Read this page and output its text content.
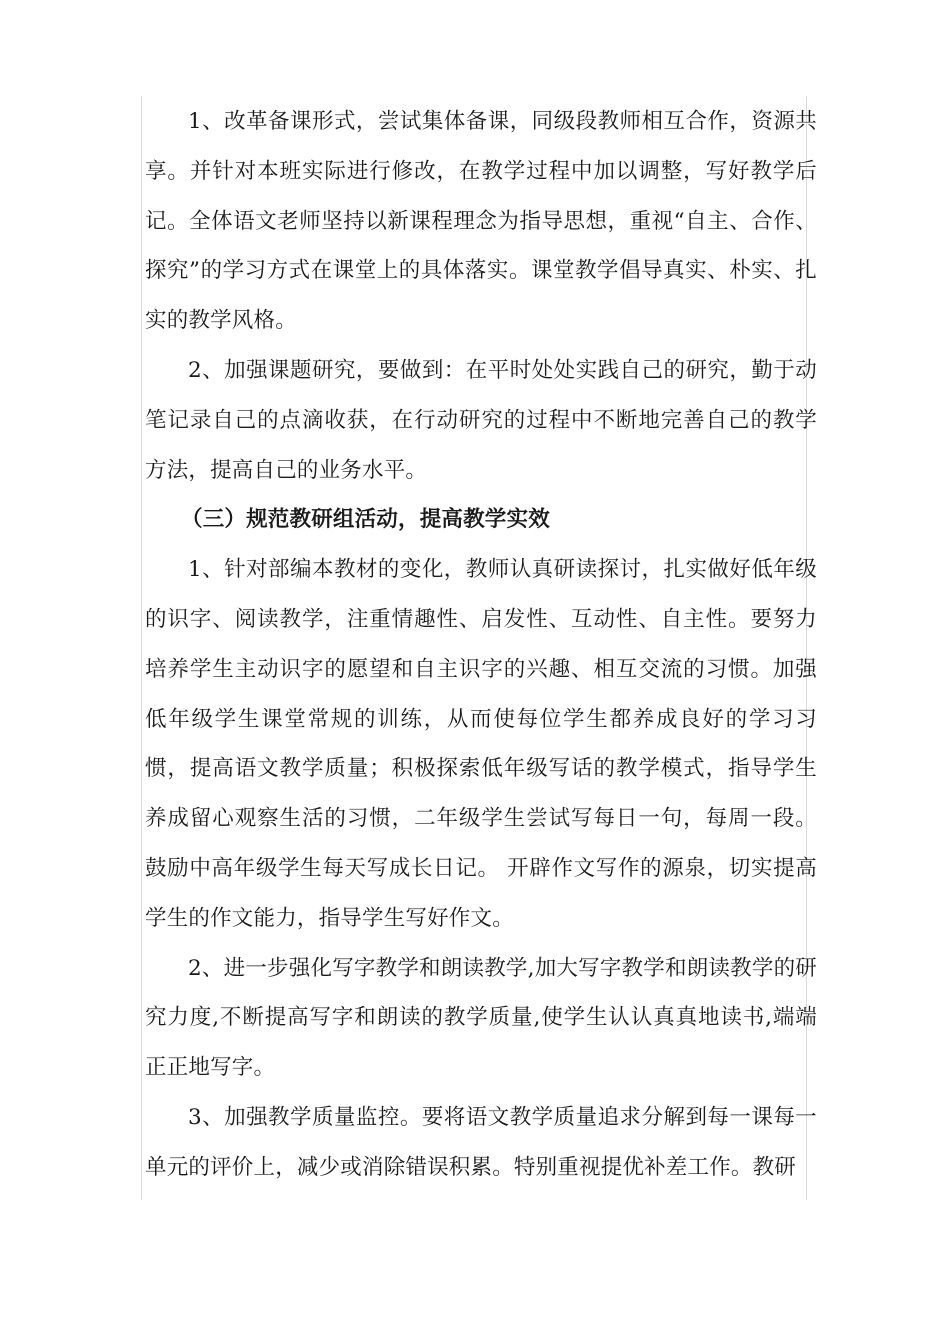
1、改革备课形式，尝试集体备课，同级段教师相互合作，资源共享。并针对本班实际进行修改，在教学过程中加以调整，写好教学后记。全体语文老师坚持以新课程理念为指导思想，重视“自主、合作、探究”的学习方式在课堂上的具体落实。课堂教学倡导真实、朴实、扎实的教学风格。

2、加强课题研究，要做到：在平时处处实践自己的研究，勤于动笔记录自己的点滴收获，在行动研究的过程中不断地完善自己的教学方法，提高自己的业务水平。

（三）规范教研组活动，提高教学实效

1、针对部编本教材的变化，教师认真研读探讨，扎实做好低年级的识字、阅读教学，注重情趣性、启发性、互动性、自主性。要努力培养学生主动识字的愿望和自主识字的兴趣、相互交流的习惯。加强低年级学生课堂常规的训练，从而使每位学生都养成良好的学习习惯，提高语文教学质量；积极探索低年级写话的教学模式，指导学生养成留心观察生活的习惯，二年级学生尝试写每日一句，每周一段。鼓励中高年级学生每天写成长日记。 开辟作文写作的源泉，切实提高学生的作文能力，指导学生写好作文。

2、进一步强化写字教学和朗读教学,加大写字教学和朗读教学的研究力度,不断提高写字和朗读的教学质量,使学生认认真真地读书,端端正正地写字。

3、加强教学质量监控。要将语文教学质量追求分解到每一课每一单元的评价上，减少或消除错误积累。特别重视提优补差工作。教研
